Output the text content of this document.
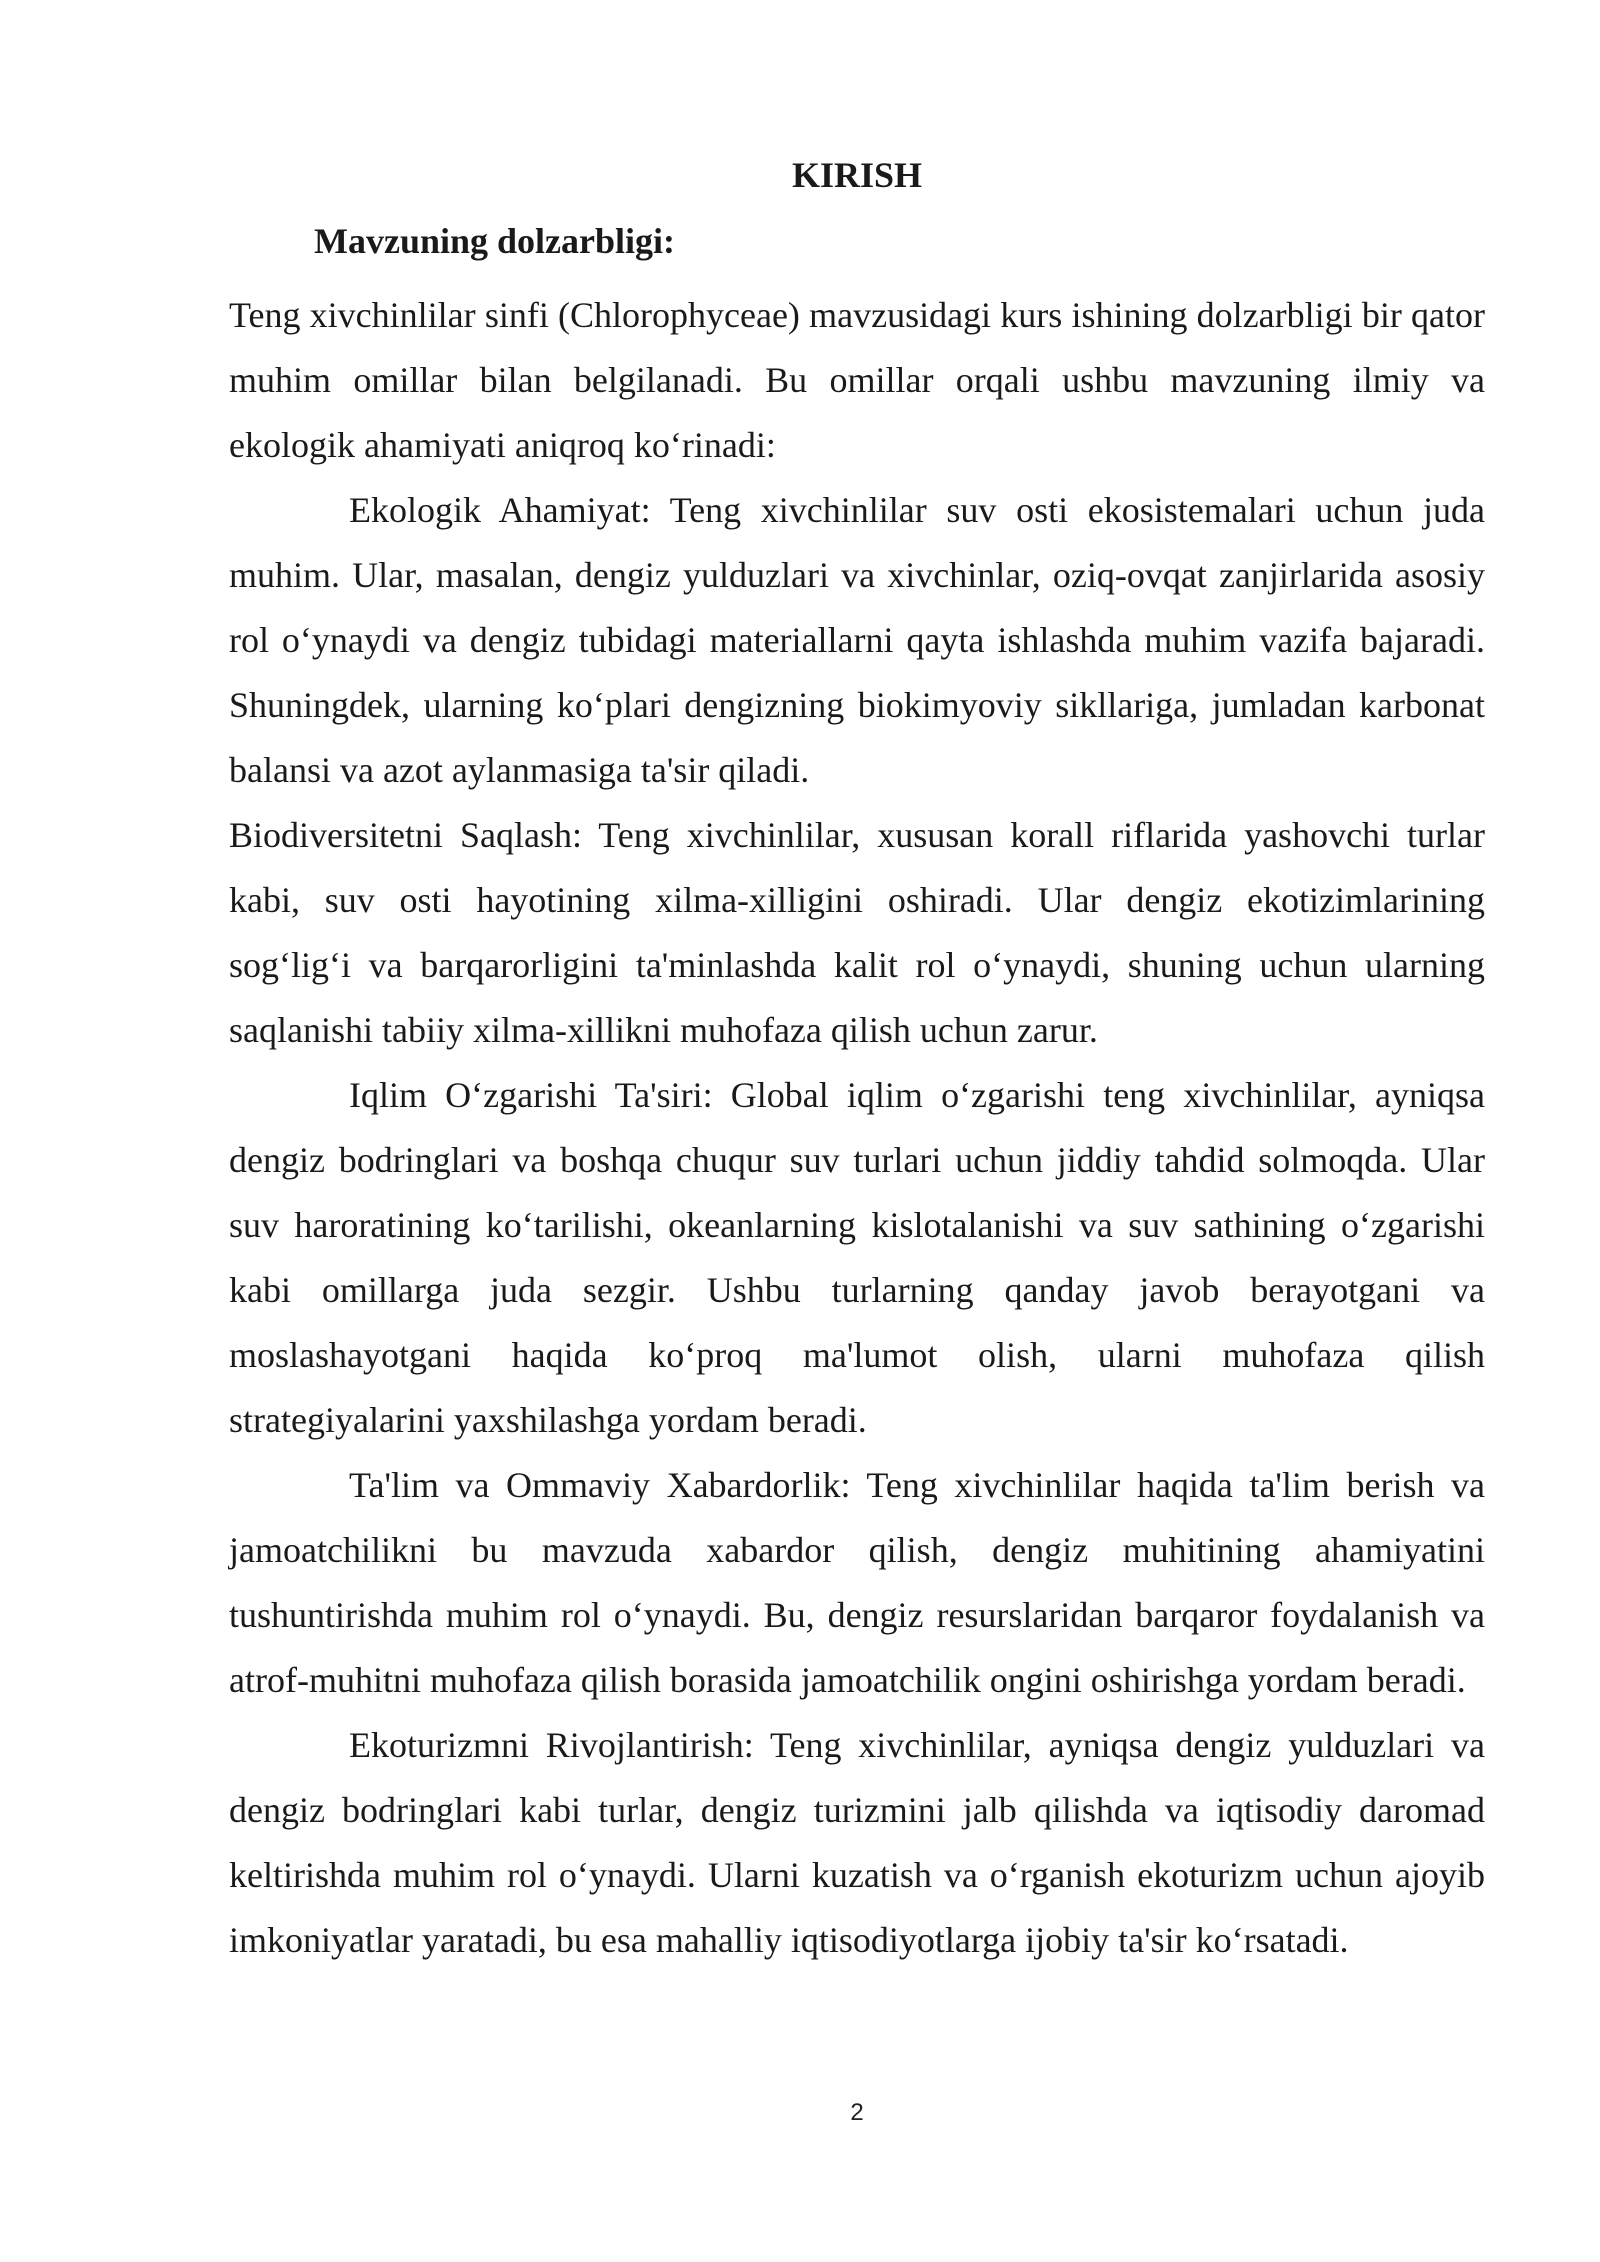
KIRISH
Mavzuning dolzarbligi:

Teng xivchinlilar sinfi (Chlorophyceae) mavzusidagi kurs ishining dolzarbligi bir qator muhim omillar bilan belgilanadi. Bu omillar orqali ushbu mavzuning ilmiy va ekologik ahamiyati aniqroq ko‘rinadi:

Ekologik Ahamiyat: Teng xivchinlilar suv osti ekosistemalari uchun juda muhim. Ular, masalan, dengiz yulduzlari va xivchinlar, oziq-ovqat zanjirlarida asosiy rol o‘ynaydi va dengiz tubidagi materiallarni qayta ishlashda muhim vazifa bajaradi. Shuningdek, ularning ko‘plari dengizning biokimyoviy sikllariga, jumladan karbonat balansi va azot aylanmasiga ta'sir qiladi.

Biodiversitetni Saqlash: Teng xivchinlilar, xususan korall riflarida yashovchi turlar kabi, suv osti hayotining xilma-xilligini oshiradi. Ular dengiz ekotizimlarining sog‘lig‘i va barqarorligini ta'minlashda kalit rol o‘ynaydi, shuning uchun ularning saqlanishi tabiiy xilma-xillikni muhofaza qilish uchun zarur.

Iqlim O‘zgarishi Ta'siri: Global iqlim o‘zgarishi teng xivchinlilar, ayniqsa dengiz bodringlari va boshqa chuqur suv turlari uchun jiddiy tahdid solmoqda. Ular suv haroratining ko‘tarilishi, okeanlarning kislotalanishi va suv sathining o‘zgarishi kabi omillarga juda sezgir. Ushbu turlarning qanday javob berayotgani va moslashayotgani haqida ko‘proq ma'lumot olish, ularni muhofaza qilish strategiyalarini yaxshilashga yordam beradi.

Ta'lim va Ommaviy Xabardorlik: Teng xivchinlilar haqida ta'lim berish va jamoatchilikni bu mavzuda xabardor qilish, dengiz muhitining ahamiyatini tushuntirishda muhim rol o‘ynaydi. Bu, dengiz resurslaridan barqaror foydalanish va atrof-muhitni muhofaza qilish borasida jamoatchilik ongini oshirishga yordam beradi.

Ekoturizmni Rivojlantirish: Teng xivchinlilar, ayniqsa dengiz yulduzlari va dengiz bodringlari kabi turlar, dengiz turizmini jalb qilishda va iqtisodiy daromad keltirishda muhim rol o‘ynaydi. Ularni kuzatish va o‘rganish ekoturizm uchun ajoyib imkoniyatlar yaratadi, bu esa mahalliy iqtisodiyotlarga ijobiy ta'sir ko‘rsatadi.

2
